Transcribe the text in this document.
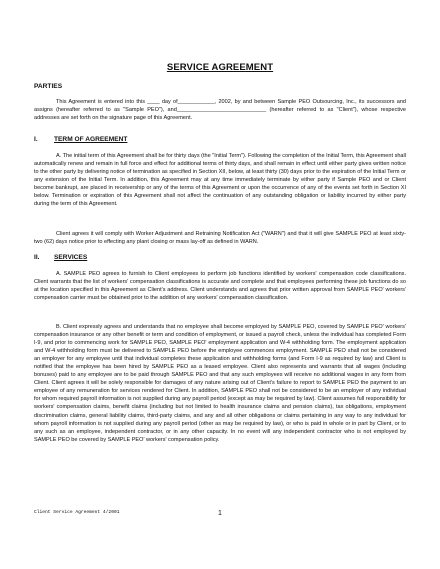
SERVICE AGREEMENT
PARTIES

This Agreement is entered into this ____ day of____________, 2002, by and between Sample PEO Outsourcing, Inc., its successors and assigns (hereafter referred to as "Sample PEO"), and_____________________________ (hereafter referred to as "Client"), whose respective addresses are set forth on the signature page of this Agreement.

I. TERM OF AGREEMENT

A. The initial term of this Agreement shall be for thirty days (the "Initial Term"). Following the completion of the Initial Term, this Agreement shall automatically renew and remain in full force and effect for additional terms of thirty days, and shall remain in effect until either party gives written notice to the other party by delivering notice of termination as specified in Section XII, below, at least thirty (30) days prior to the expiration of the Initial Term or any extension of the Initial Term. In addition, this Agreement may at any time immediately terminate by either party if Sample PEO and or Client become bankrupt, are placed in receivership or any of the terms of this Agreement or upon the occurrence of any of the events set forth in Section XI below. Termination or expiration of this Agreement shall not affect the continuation of any outstanding obligation or liability incurred by either party during the term of this Agreement.

Client agrees it will comply with Worker Adjustment and Retraining Notification Act ("WARN") and that it will give SAMPLE PEO at least sixty-two (62) days notice prior to effecting any plant closing or mass lay-off as defined in WARN.

II. SERVICES

A. SAMPLE PEO agrees to furnish to Client employees to perform job functions identified by workers' compensation code classifications. Client warrants that the list of workers' compensation classifications is accurate and complete and that employees performing these job functions do so at the location specified in this Agreement as Client's address. Client understands and agrees that prior written approval from SAMPLE PEO' workers' compensation carrier must be obtained prior to the addition of any workers' compensation classification.

B. Client expressly agrees and understands that no employee shall become employed by SAMPLE PEO, covered by SAMPLE PEO' workers' compensation insurance or any other benefit or term and condition of employment, or issued a payroll check, unless the individual has completed Form I-9, and prior to commencing work for SAMPLE PEO, SAMPLE PEO' employment application and W-4 withholding form. The employment application and W-4 withholding form must be delivered to SAMPLE PEO before the employee commences employment. SAMPLE PEO shall not be considered an employer for any employee until that individual completes these application and withholding forms (and Form I-9 as required by law) and Client is notified that the employee has been hired by SAMPLE PEO as a leased employee. Client also represents and warrants that all wages (including bonuses) paid to any employee are to be paid through SAMPLE PEO and that any such employees will receive no additional wages in any form from Client. Client agrees it will be solely responsible for damages of any nature arising out of Client's failure to report to SAMPLE PEO the payment to an employee of any remuneration for services rendered for Client. In addition, SAMPLE PEO shall not be considered to be an employer of any individual for whom required payroll information is not supplied during any payroll period (except as may be required by law). Client assumes full responsibility for workers' compensation claims, benefit claims (including but not limited to health insurance claims and pension claims), tax obligations, employment discrimination claims, general liability claims, third-party claims, and any and all other obligations or claims pertaining in any way to any individual for whom payroll information is not supplied during any payroll period (other as may be required by law), or who is paid in whole or in part by Client, or to any such as an employee, independent contractor, or in any other capacity. In no event will any independent contractor who is not employed by SAMPLE PEO be covered by SAMPLE PEO' workers' compensation policy.

Client Service Agreement 4/2001	1
